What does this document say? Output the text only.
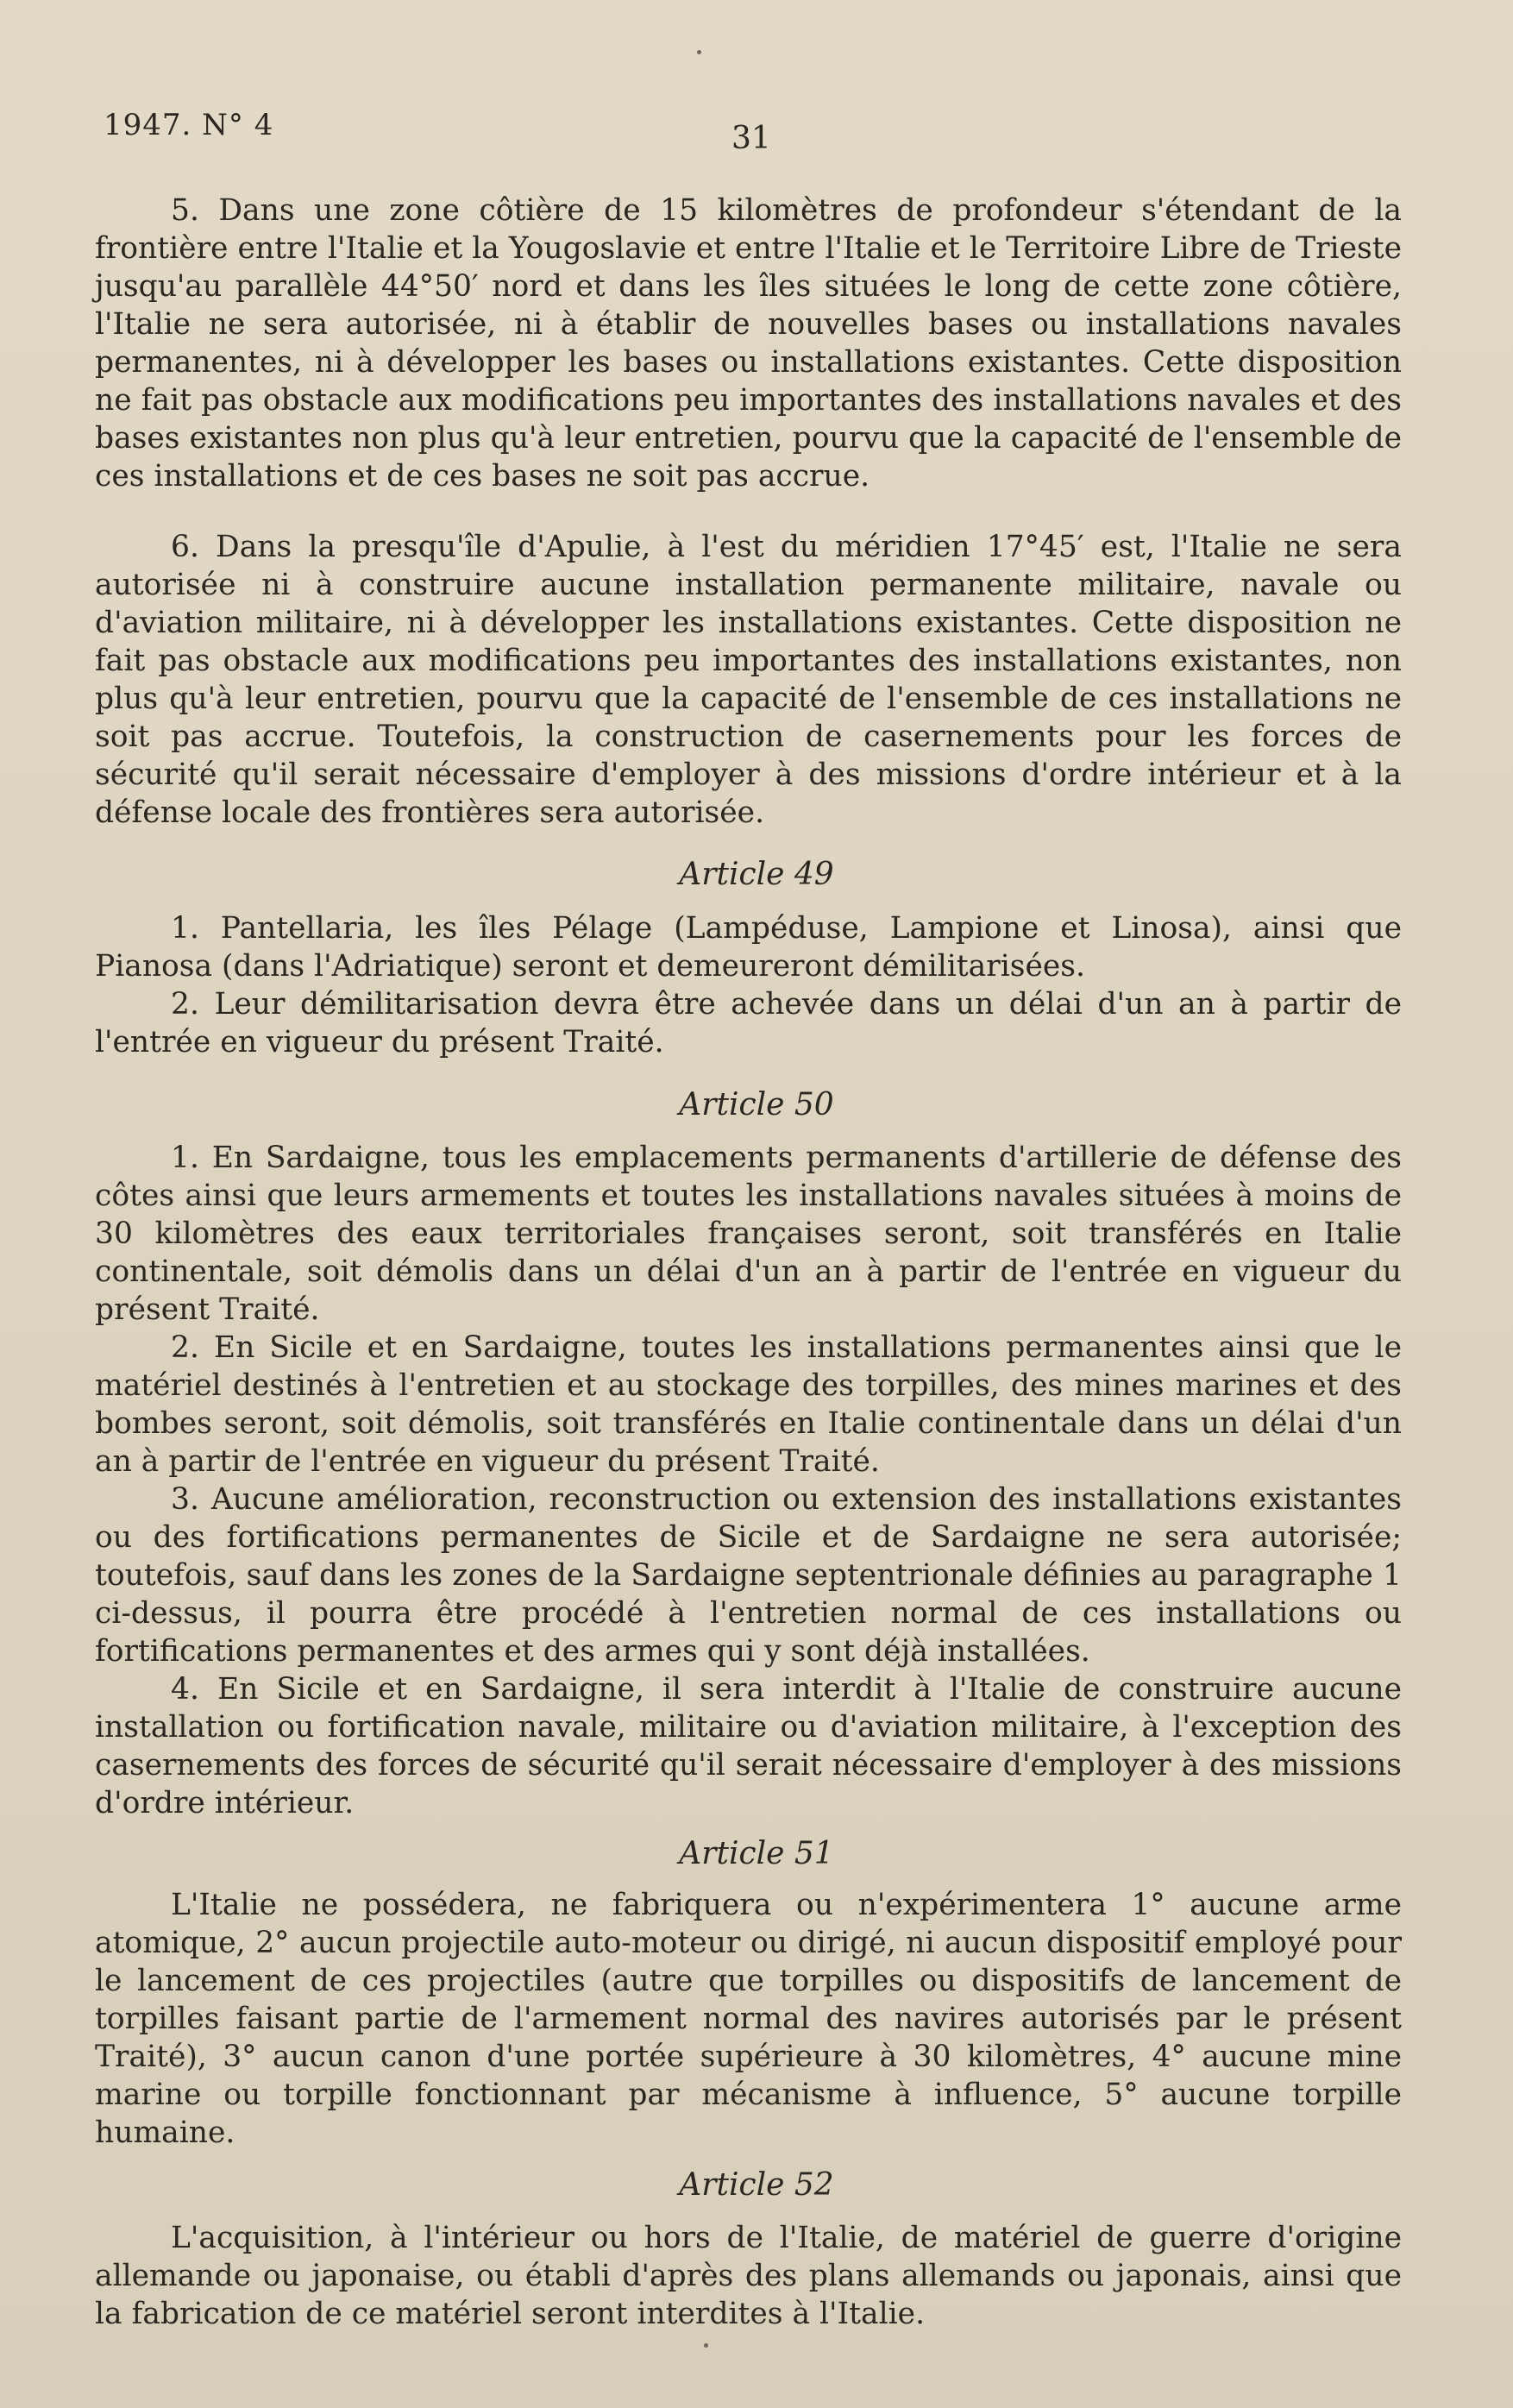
1947. N° 4	31

5. Dans une zone côtière de 15 kilomètres de profondeur s'étendant de la frontière entre l'Italie et la Yougoslavie et entre l'Italie et le Territoire Libre de Trieste jusqu'au parallèle 44°50′ nord et dans les îles situées le long de cette zone côtière, l'Italie ne sera autorisée, ni à établir de nouvelles bases ou installations navales permanentes, ni à développer les bases ou installations existantes. Cette disposition ne fait pas obstacle aux modifications peu importantes des installations navales et des bases existantes non plus qu'à leur entretien, pourvu que la capacité de l'ensemble de ces installations et de ces bases ne soit pas accrue.

6. Dans la presqu'île d'Apulie, à l'est du méridien 17°45′ est, l'Italie ne sera autorisée ni à construire aucune installation permanente militaire, navale ou d'aviation militaire, ni à développer les installations existantes. Cette disposition ne fait pas obstacle aux modifications peu importantes des installations existantes, non plus qu'à leur entretien, pourvu que la capacité de l'ensemble de ces installations ne soit pas accrue. Toutefois, la construction de casernements pour les forces de sécurité qu'il serait nécessaire d'employer à des missions d'ordre intérieur et à la défense locale des frontières sera autorisée.

Article 49

1. Pantellaria, les îles Pélage (Lampéduse, Lampione et Linosa), ainsi que Pianosa (dans l'Adriatique) seront et demeureront démilitarisées.

2. Leur démilitarisation devra être achevée dans un délai d'un an à partir de l'entrée en vigueur du présent Traité.

Article 50

1. En Sardaigne, tous les emplacements permanents d'artillerie de défense des côtes ainsi que leurs armements et toutes les installations navales situées à moins de 30 kilomètres des eaux territoriales françaises seront, soit transférés en Italie continentale, soit démolis dans un délai d'un an à partir de l'entrée en vigueur du présent Traité.

2. En Sicile et en Sardaigne, toutes les installations permanentes ainsi que le matériel destinés à l'entretien et au stockage des torpilles, des mines marines et des bombes seront, soit démolis, soit transférés en Italie continentale dans un délai d'un an à partir de l'entrée en vigueur du présent Traité.

3. Aucune amélioration, reconstruction ou extension des installations existantes ou des fortifications permanentes de Sicile et de Sardaigne ne sera autorisée; toutefois, sauf dans les zones de la Sardaigne septentrionale définies au paragraphe 1 ci-dessus, il pourra être procédé à l'entretien normal de ces installations ou fortifications permanentes et des armes qui y sont déjà installées.

4. En Sicile et en Sardaigne, il sera interdit à l'Italie de construire aucune installation ou fortification navale, militaire ou d'aviation militaire, à l'exception des casernements des forces de sécurité qu'il serait nécessaire d'employer à des missions d'ordre intérieur.

Article 51

L'Italie ne possédera, ne fabriquera ou n'expérimentera 1° aucune arme atomique, 2° aucun projectile auto-moteur ou dirigé, ni aucun dispositif employé pour le lancement de ces projectiles (autre que torpilles ou dispositifs de lancement de torpilles faisant partie de l'armement normal des navires autorisés par le présent Traité), 3° aucun canon d'une portée supérieure à 30 kilomètres, 4° aucune mine marine ou torpille fonctionnant par mécanisme à influence, 5° aucune torpille humaine.

Article 52

L'acquisition, à l'intérieur ou hors de l'Italie, de matériel de guerre d'origine allemande ou japonaise, ou établi d'après des plans allemands ou japonais, ainsi que la fabrication de ce matériel seront interdites à l'Italie.
